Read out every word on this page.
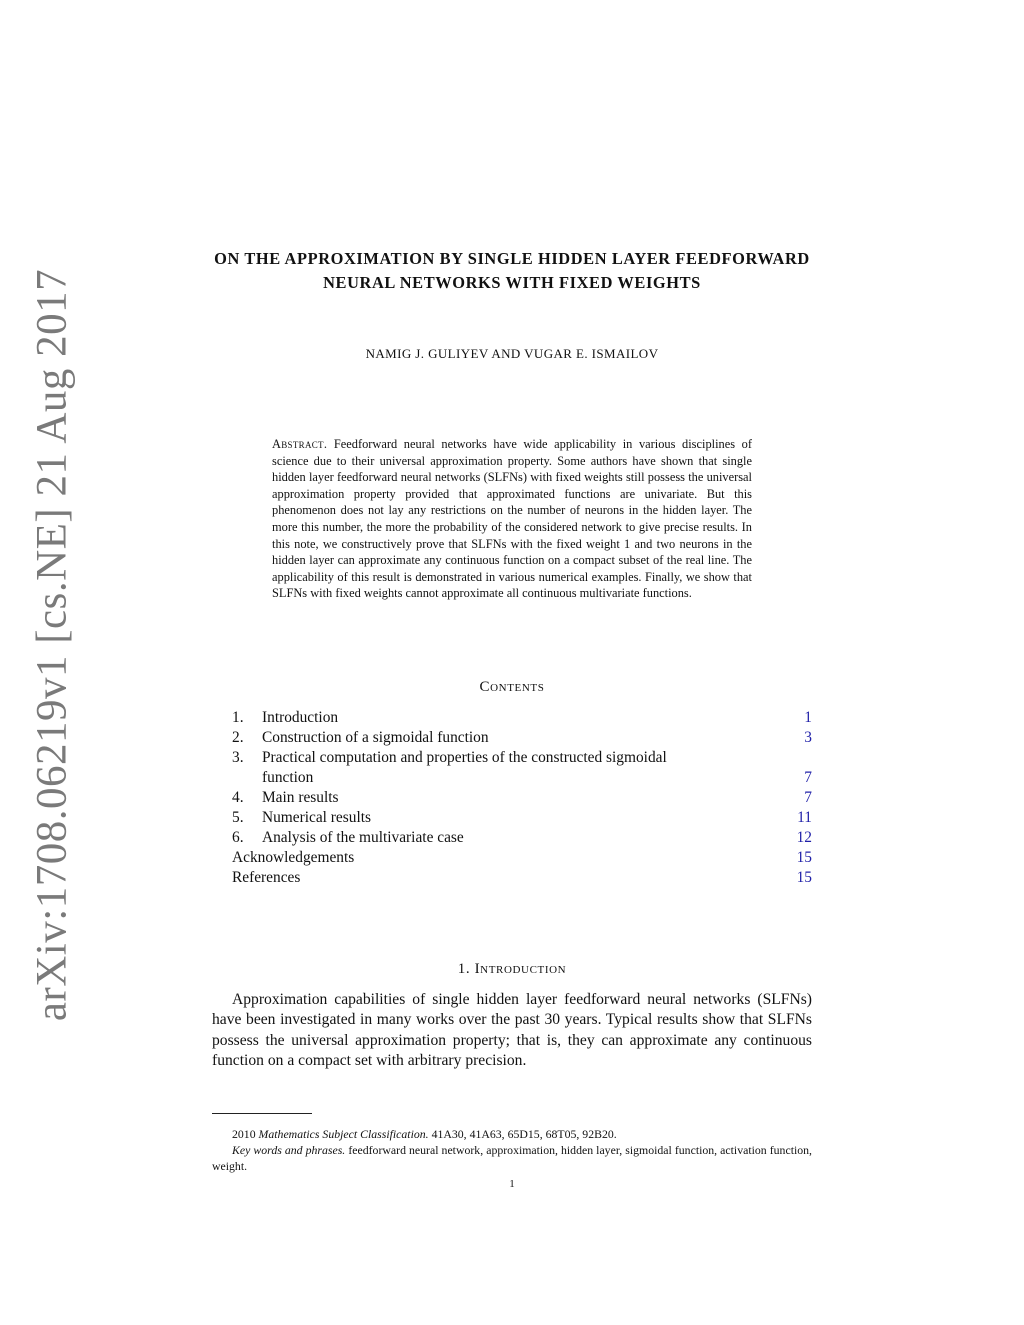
arXiv:1708.06219v1 [cs.NE] 21 Aug 2017
ON THE APPROXIMATION BY SINGLE HIDDEN LAYER FEEDFORWARD NEURAL NETWORKS WITH FIXED WEIGHTS
NAMIG J. GULIYEV AND VUGAR E. ISMAILOV
Abstract. Feedforward neural networks have wide applicability in various disciplines of science due to their universal approximation property. Some authors have shown that single hidden layer feedforward neural networks (SLFNs) with fixed weights still possess the universal approximation property provided that approximated functions are univariate. But this phenomenon does not lay any restrictions on the number of neurons in the hidden layer. The more this number, the more the probability of the considered network to give precise results. In this note, we constructively prove that SLFNs with the fixed weight 1 and two neurons in the hidden layer can approximate any continuous function on a compact subset of the real line. The applicability of this result is demonstrated in various numerical examples. Finally, we show that SLFNs with fixed weights cannot approximate all continuous multivariate functions.
Contents
1. Introduction	1
2. Construction of a sigmoidal function	3
3. Practical computation and properties of the constructed sigmoidal
function	7
4. Main results	7
5. Numerical results	11
6. Analysis of the multivariate case	12
Acknowledgements	15
References	15
1. Introduction
Approximation capabilities of single hidden layer feedforward neural networks (SLFNs) have been investigated in many works over the past 30 years. Typical results show that SLFNs possess the universal approximation property; that is, they can approximate any continuous function on a compact set with arbitrary precision.
2010 Mathematics Subject Classification. 41A30, 41A63, 65D15, 68T05, 92B20.
Key words and phrases. feedforward neural network, approximation, hidden layer, sigmoidal function, activation function, weight.
1
